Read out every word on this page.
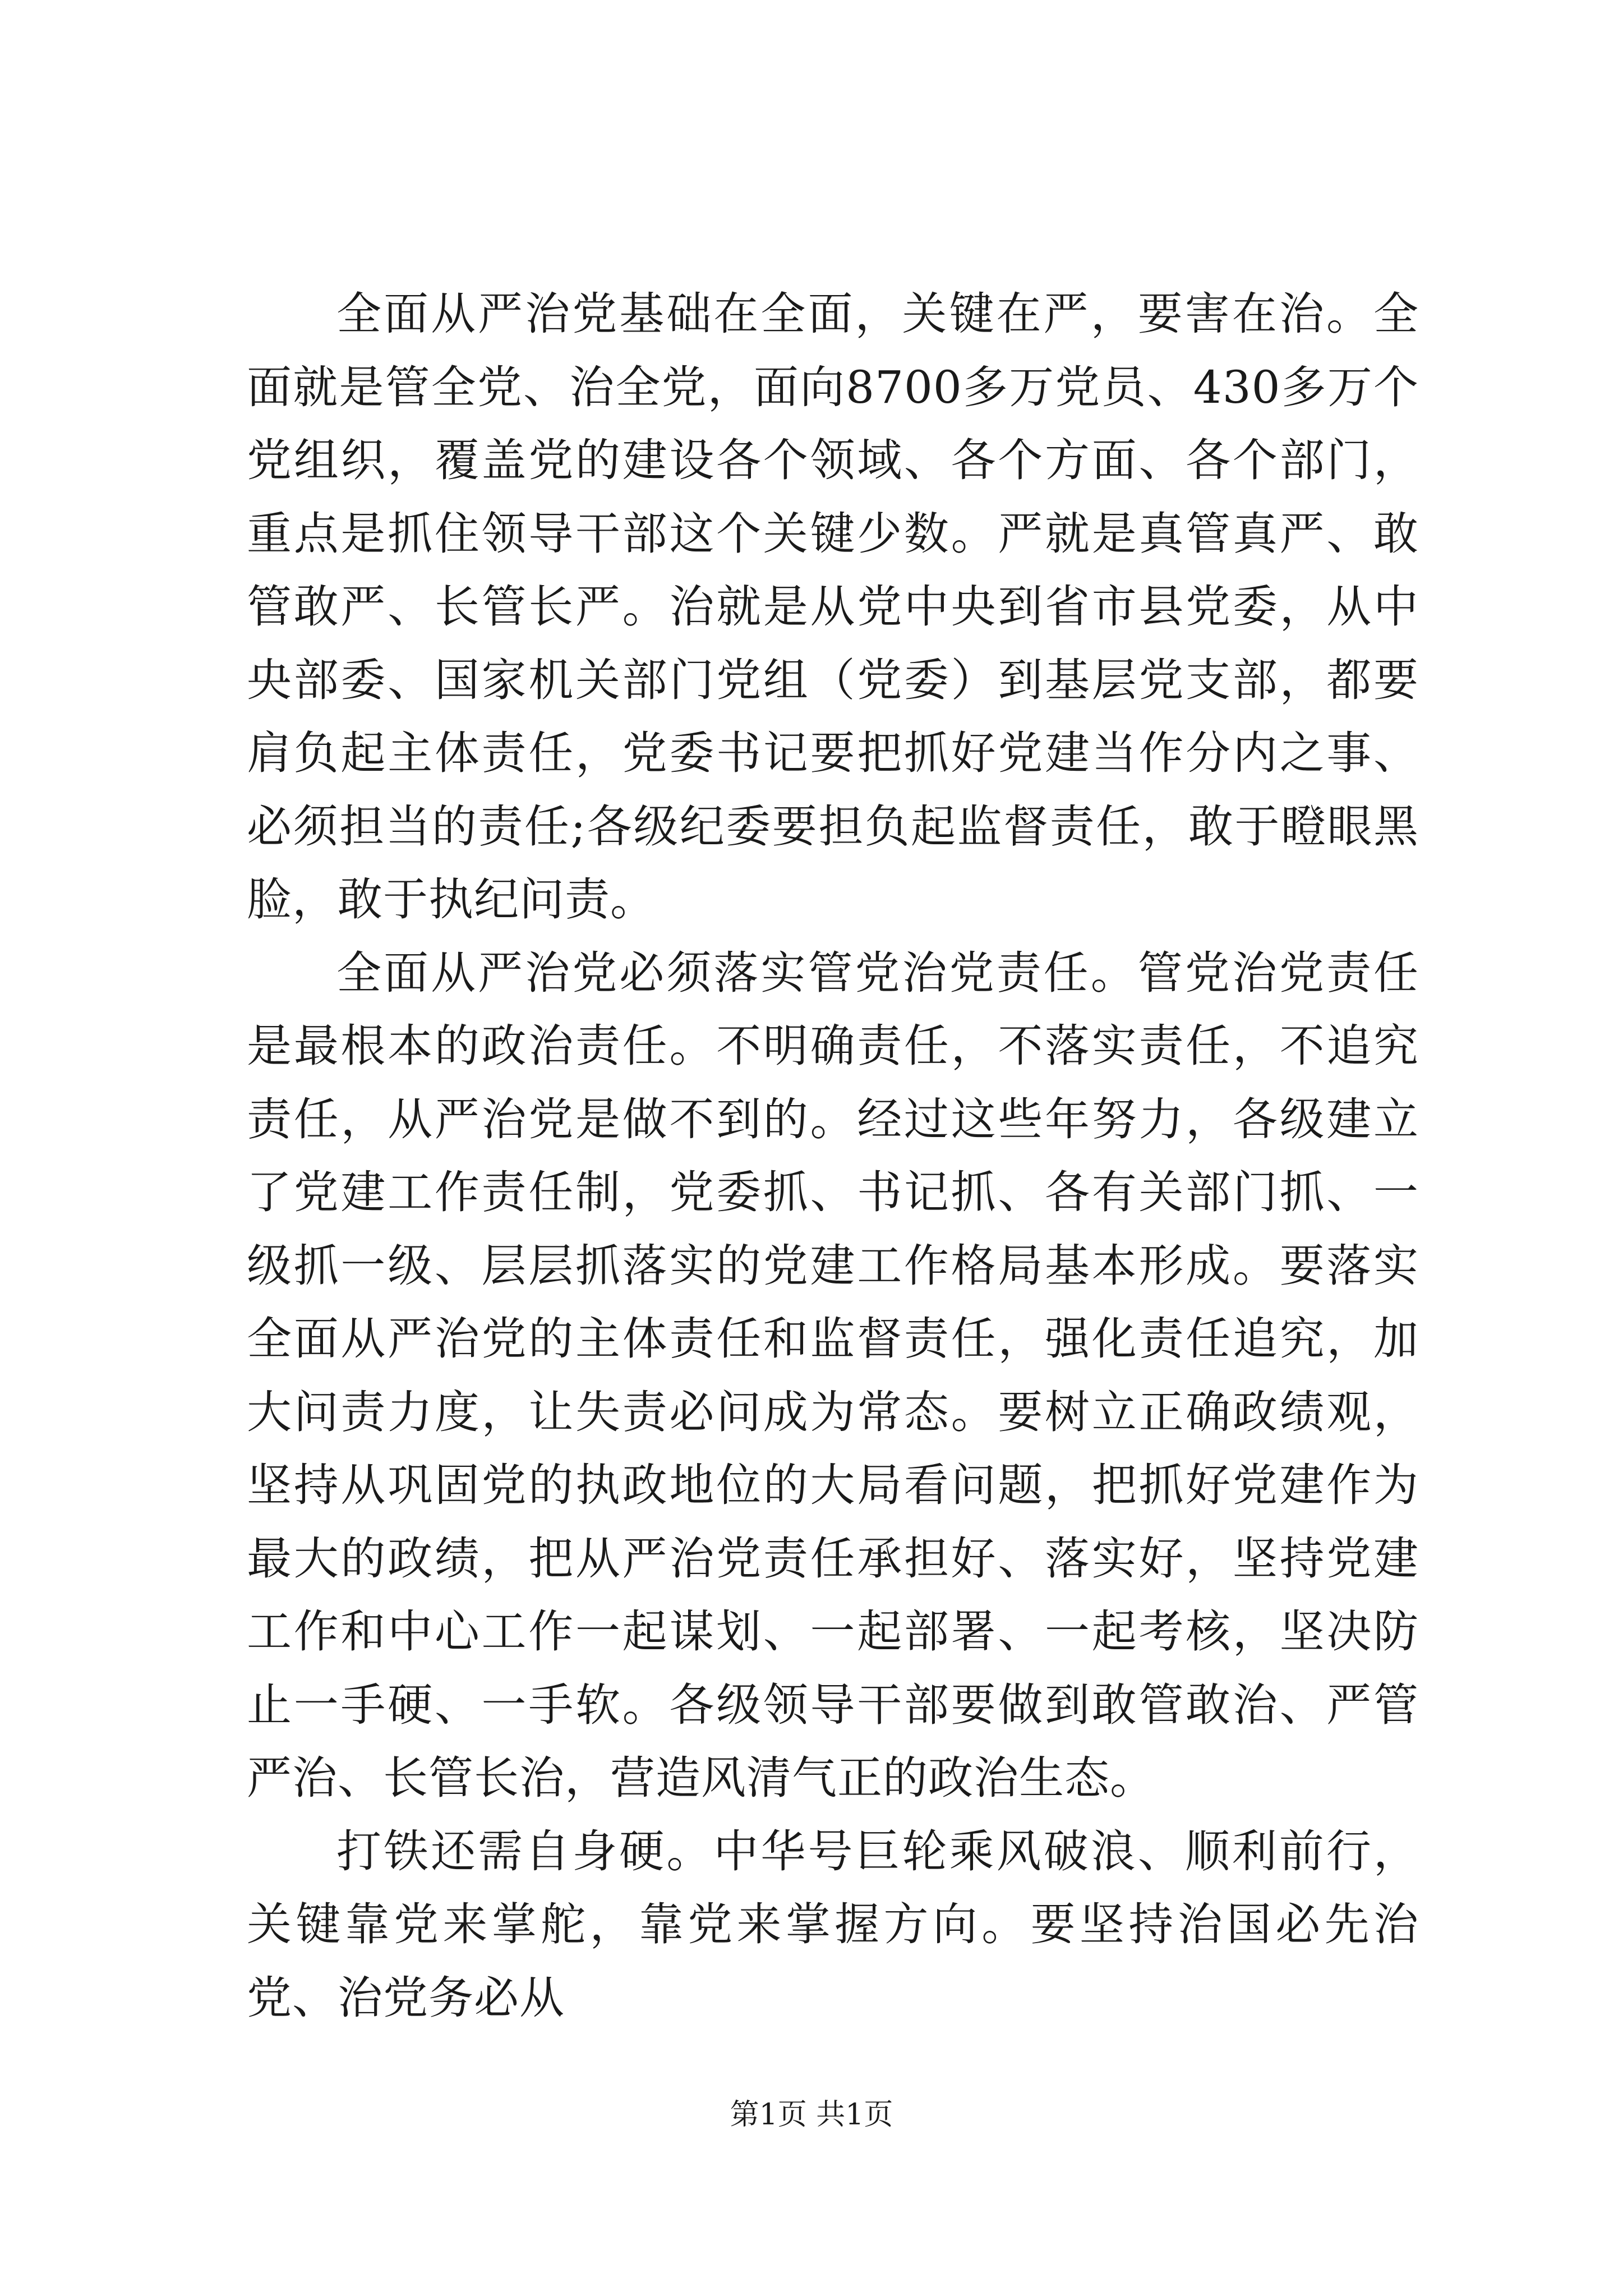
全面从严治党基础在全面，关键在严，要害在治。全面就是管全党、治全党，面向8700多万党员、430多万个党组织，覆盖党的建设各个领域、各个方面、各个部门，重点是抓住领导干部这个关键少数。严就是真管真严、敢管敢严、长管长严。治就是从党中央到省市县党委，从中央部委、国家机关部门党组（党委）到基层党支部，都要肩负起主体责任，党委书记要把抓好党建当作分内之事、必须担当的责任;各级纪委要担负起监督责任，敢于瞪眼黑脸，敢于执纪问责。

全面从严治党必须落实管党治党责任。管党治党责任是最根本的政治责任。不明确责任，不落实责任，不追究责任，从严治党是做不到的。经过这些年努力，各级建立了党建工作责任制，党委抓、书记抓、各有关部门抓、一级抓一级、层层抓落实的党建工作格局基本形成。要落实全面从严治党的主体责任和监督责任，强化责任追究，加大问责力度，让失责必问成为常态。要树立正确政绩观，坚持从巩固党的执政地位的大局看问题，把抓好党建作为最大的政绩，把从严治党责任承担好、落实好，坚持党建工作和中心工作一起谋划、一起部署、一起考核，坚决防止一手硬、一手软。各级领导干部要做到敢管敢治、严管严治、长管长治，营造风清气正的政治生态。

打铁还需自身硬。中华号巨轮乘风破浪、顺利前行，关键靠党来掌舵，靠党来掌握方向。要坚持治国必先治党、治党务必从

第1页 共1页
